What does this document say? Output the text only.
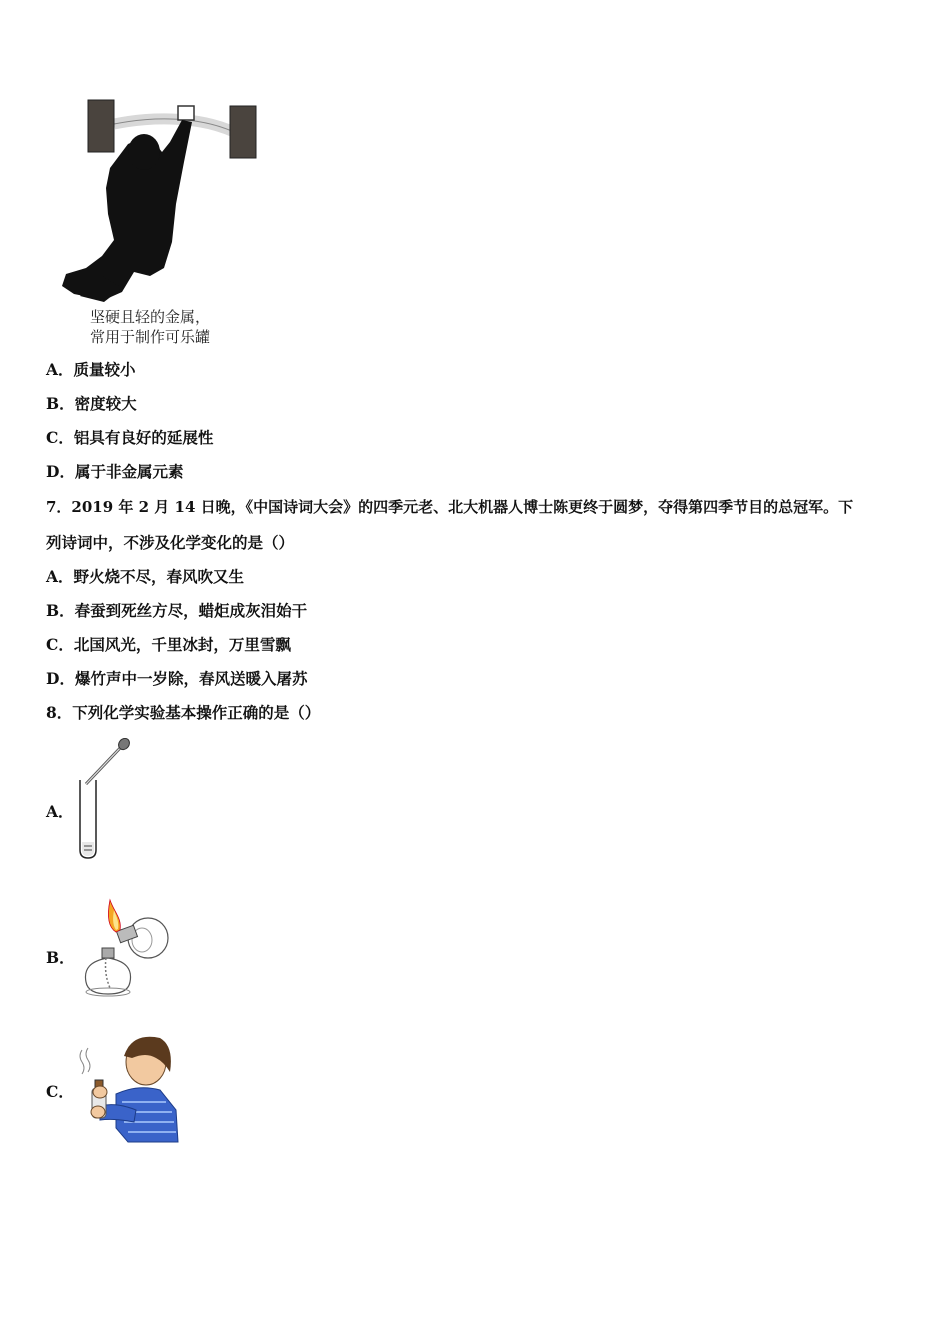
坚硬且轻的金属，
常用于制作可乐罐
A．质量较小
B．密度较大
C．铝具有良好的延展性
D．属于非金属元素
7．2019 年 2 月 14 日晚，《中国诗词大会》的四季元老、北大机器人博士陈更终于圆梦，夺得第四季节目的总冠军。下
列诗词中，不涉及化学变化的是（）
A．野火烧不尽，春风吹又生
B．春蚕到死丝方尽，蜡炬成灰泪始干
C．北国风光，千里冰封，万里雪飘
D．爆竹声中一岁除，春风送暖入屠苏
8．下列化学实验基本操作正确的是（）
A．
B．
C．
